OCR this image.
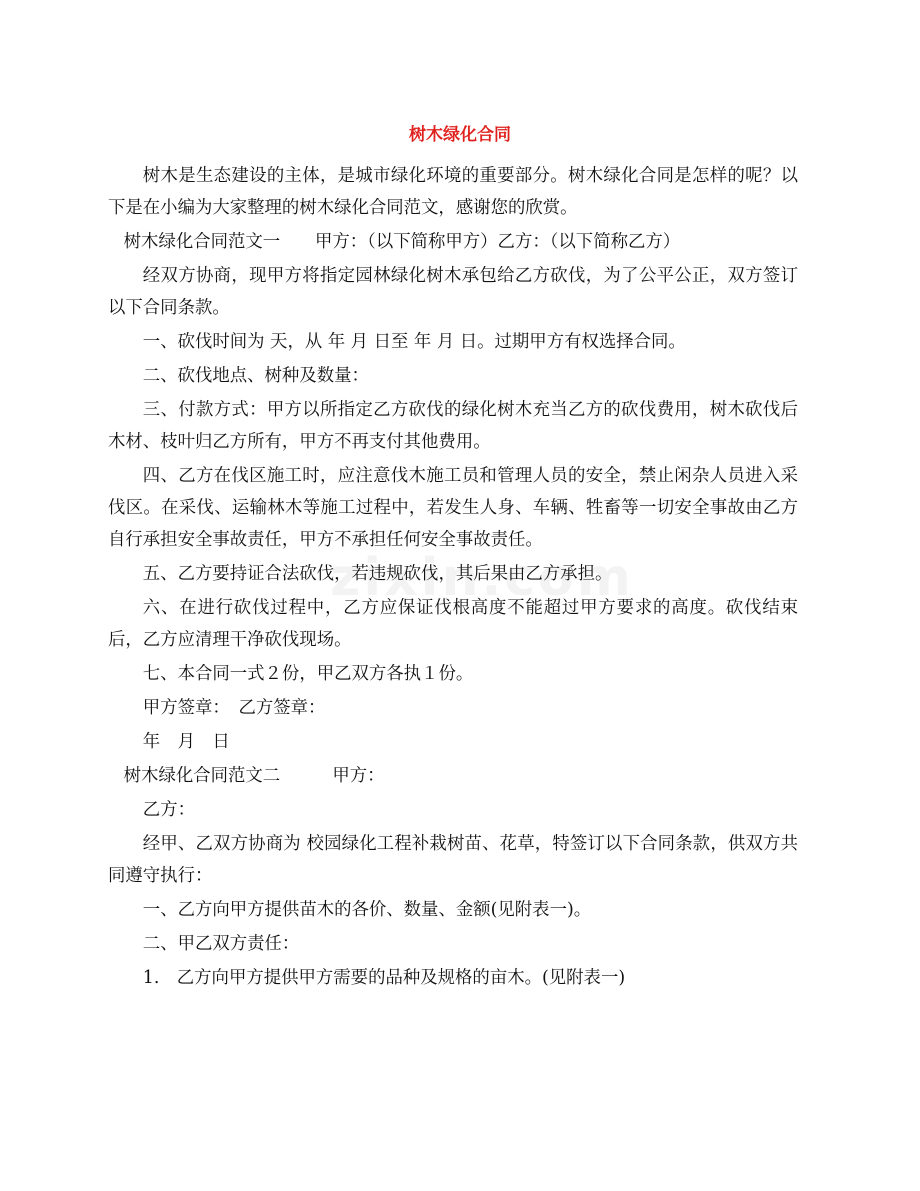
树木绿化合同

树木是生态建设的主体，是城市绿化环境的重要部分。树木绿化合同是怎样的呢？以下是在小编为大家整理的树木绿化合同范文，感谢您的欣赏。

树木绿化合同范文一　　甲方：（以下简称甲方）乙方：（以下简称乙方）

经双方协商，现甲方将指定园林绿化树木承包给乙方砍伐，为了公平公正，双方签订以下合同条款。

一、砍伐时间为 天，从 年 月 日至 年 月 日。过期甲方有权选择合同。

二、砍伐地点、树种及数量：

三、付款方式：甲方以所指定乙方砍伐的绿化树木充当乙方的砍伐费用，树木砍伐后木材、枝叶归乙方所有，甲方不再支付其他费用。

四、乙方在伐区施工时，应注意伐木施工员和管理人员的安全，禁止闲杂人员进入采伐区。在采伐、运输林木等施工过程中，若发生人身、车辆、牲畜等一切安全事故由乙方自行承担安全事故责任，甲方不承担任何安全事故责任。

五、乙方要持证合法砍伐，若违规砍伐，其后果由乙方承担。

六、在进行砍伐过程中，乙方应保证伐根高度不能超过甲方要求的高度。砍伐结束后，乙方应清理干净砍伐现场。

七、本合同一式２份，甲乙双方各执１份。

甲方签章：　乙方签章：

年　月　日

树木绿化合同范文二　　　甲方：

乙方：

经甲、乙双方协商为 校园绿化工程补栽树苗、花草，特签订以下合同条款，供双方共同遵守执行：

一、乙方向甲方提供苗木的各价、数量、金额(见附表一)。

二、甲乙双方责任：

1.　乙方向甲方提供甲方需要的品种及规格的亩木。(见附表一)
